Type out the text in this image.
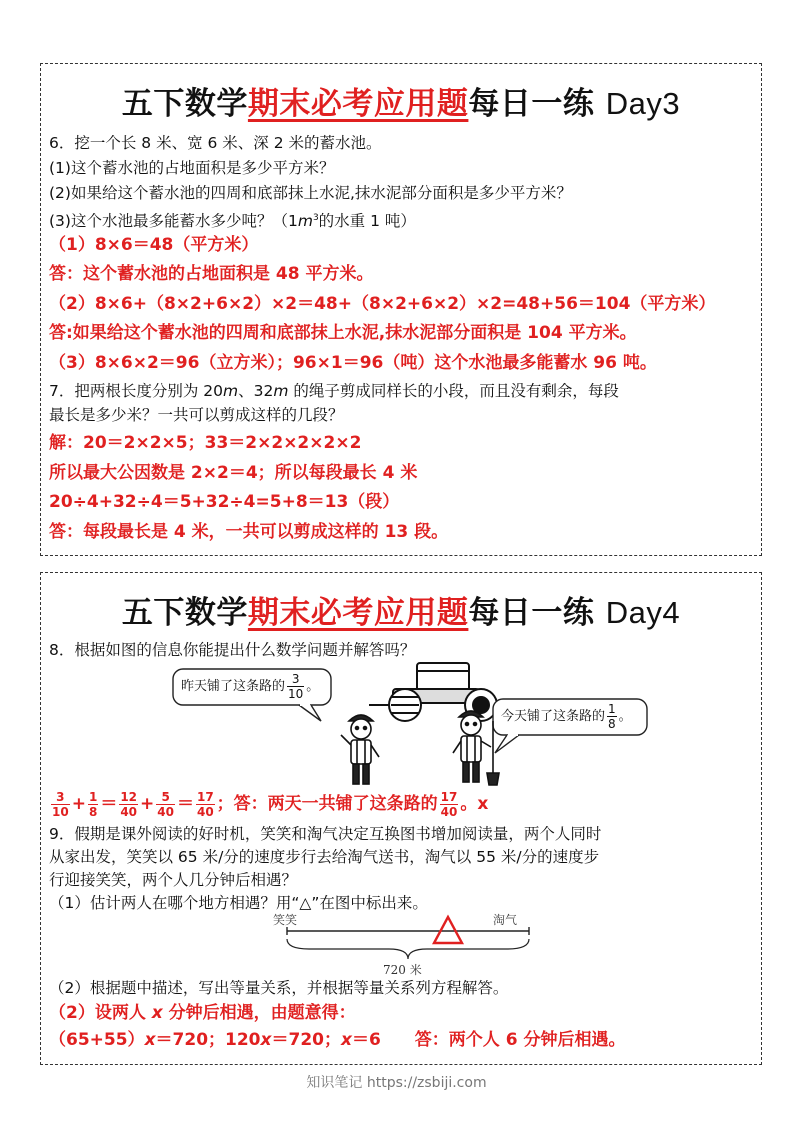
五下数学期末必考应用题每日一练 Day3
6．挖一个长 8 米、宽 6 米、深 2 米的蓄水池。
(1)这个蓄水池的占地面积是多少平方米？
(2)如果给这个蓄水池的四周和底部抹上水泥,抹水泥部分面积是多少平方米？
(3)这个水池最多能蓄水多少吨？（$1m^3$的水重 1 吨）
（1）8×6＝48（平方米）
答：这个蓄水池的占地面积是 48 平方米。
（2）8×6+（8×2+6×2）×2＝48+（8×2+6×2）×2=48+56＝104（平方米）
答:如果给这个蓄水池的四周和底部抹上水泥,抹水泥部分面积是 104 平方米。
（3）8×6×2＝96（立方米）；96×1＝96（吨）这个水池最多能蓄水 96 吨。
7．把两根长度分别为 20m、32m 的绳子剪成同样长的小段，而且没有剩余，每段
最长是多少米？一共可以剪成这样的几段？
解：20＝2×2×5；33＝2×2×2×2×2
所以最大公因数是 2×2＝4；所以每段最长 4 米
20÷4+32÷4＝5+32÷4=5+8＝13（段）
答：每段最长是 4 米，一共可以剪成这样的 13 段。
五下数学期末必考应用题每日一练 Day4
8．根据如图的信息你能提出什么数学问题并解答吗？
昨天铺了这条路的 $\frac{3}{10}$ 。
今天铺了这条路的 $\frac{1}{8}$ 。
$\frac{3}{10} + \frac{1}{8} = \frac{12}{40} + \frac{5}{40} = \frac{17}{40}$ ；答：两天一共铺了这条路的 $\frac{17}{40}$ 。x
9．假期是课外阅读的好时机，笑笑和淘气决定互换图书增加阅读量，两个人同时
从家出发，笑笑以 65 米/分的速度步行去给淘气送书，淘气以 55 米/分的速度步
行迎接笑笑，两个人几分钟后相遇？
（1）估计两人在哪个地方相遇？用“△”在图中标出来。
笑笑	淘气
720 米
（2）根据题中描述，写出等量关系，并根据等量关系列方程解答。
（2）设两人 x 分钟后相遇，由题意得：
（65+55）x＝720；120x＝720；x＝6 答：两个人 6 分钟后相遇。
知识笔记 https://zsbiji.com
